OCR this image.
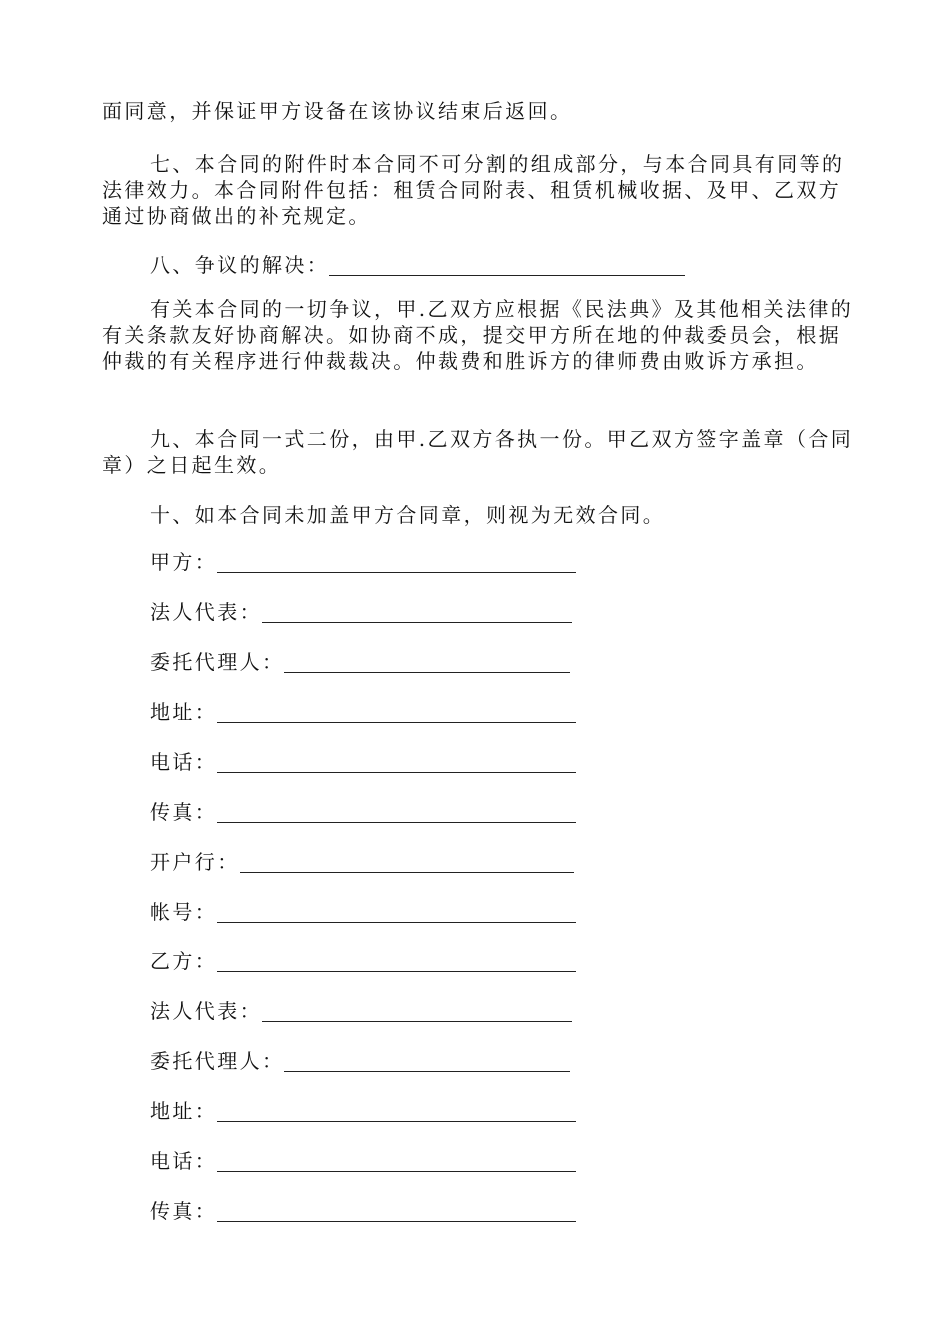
面同意，并保证甲方设备在该协议结束后返回。

七、本合同的附件时本合同不可分割的组成部分，与本合同具有同等的法律效力。本合同附件包括：租赁合同附表、租赁机械收据、及甲、乙双方通过协商做出的补充规定。

八、争议的解决：

有关本合同的一切争议，甲.乙双方应根据《民法典》及其他相关法律的有关条款友好协商解决。如协商不成，提交甲方所在地的仲裁委员会，根据仲裁的有关程序进行仲裁裁决。仲裁费和胜诉方的律师费由败诉方承担。

九、本合同一式二份，由甲.乙双方各执一份。甲乙双方签字盖章（合同章）之日起生效。

十、如本合同未加盖甲方合同章，则视为无效合同。

甲方：
法人代表：
委托代理人：
地址：
电话：
传真：
开户行：
帐号：
乙方：
法人代表：
委托代理人：
地址：
电话：
传真：
